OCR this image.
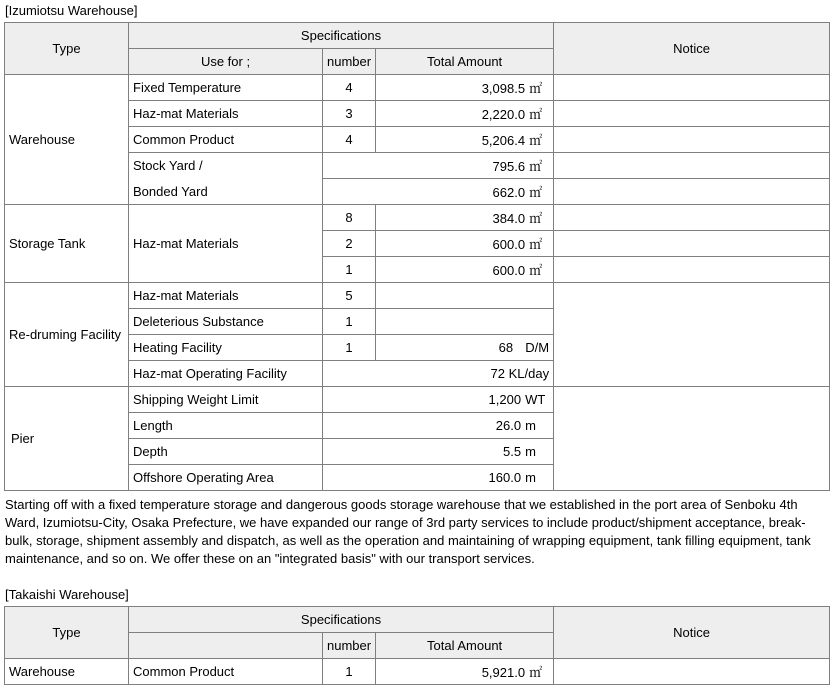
[Izumiotsu Warehouse]
Type	Specifications			Notice
	Use for ;	number	Total Amount	
Warehouse	Fixed Temperature	4	3,098.5 ㎡	
	Haz-mat Materials	3	2,220.0 ㎡	
	Common Product	4	5,206.4 ㎡	
	Stock Yard /	795.6 ㎡		
	Bonded Yard	662.0 ㎡		
Storage Tank	Haz-mat Materials	8	384.0 ㎡	
		2	600.0 ㎡	
		1	600.0 ㎡	
Re-druming Facility	Haz-mat Materials	5		
	Deleterious Substance	1		
	Heating Facility	1	68 D/M	
	Haz-mat Operating Facility	72 KL/day		
Pier	Shipping Weight Limit	1,200 WT		
	Length	26.0 m		
	Depth	5.5 m		
	Offshore Operating Area	160.0 m		
Starting off with a fixed temperature storage and dangerous goods storage warehouse that we established in the port area of Senboku 4th Ward, Izumiotsu-City, Osaka Prefecture, we have expanded our range of 3rd party services to include product/shipment acceptance, break-bulk, storage, shipment assembly and dispatch, as well as the operation and maintaining of wrapping equipment, tank filling equipment, tank maintenance, and so on. We offer these on an "integrated basis" with our transport services.
[Takaishi Warehouse]
Type	Specifications			Notice
		number	Total Amount	
Warehouse	Common Product	1	5,921.0 ㎡	
